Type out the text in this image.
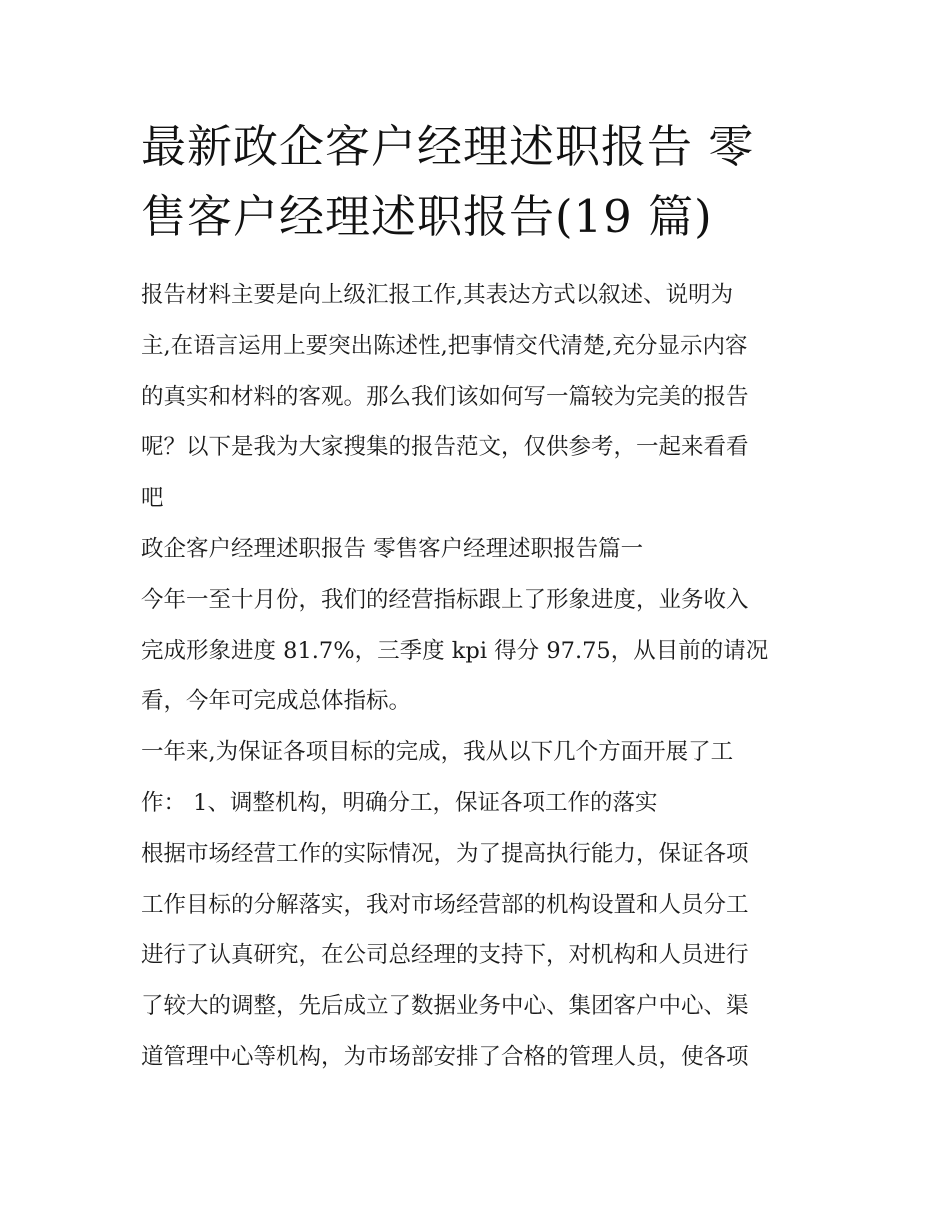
最新政企客户经理述职报告 零
售客户经理述职报告(19 篇)
报告材料主要是向上级汇报工作,其表达方式以叙述、说明为
主,在语言运用上要突出陈述性,把事情交代清楚,充分显示内容
的真实和材料的客观。那么我们该如何写一篇较为完美的报告
呢？以下是我为大家搜集的报告范文，仅供参考，一起来看看
吧
政企客户经理述职报告 零售客户经理述职报告篇一
今年一至十月份，我们的经营指标跟上了形象进度，业务收入
完成形象进度 81.7%，三季度 kpi 得分 97.75，从目前的请况
看，今年可完成总体指标。
一年来,为保证各项目标的完成，我从以下几个方面开展了工
作： 1、调整机构，明确分工，保证各项工作的落实
根据市场经营工作的实际情况，为了提高执行能力，保证各项
工作目标的分解落实，我对市场经营部的机构设置和人员分工
进行了认真研究，在公司总经理的支持下，对机构和人员进行
了较大的调整，先后成立了数据业务中心、集团客户中心、渠
道管理中心等机构，为市场部安排了合格的管理人员，使各项
